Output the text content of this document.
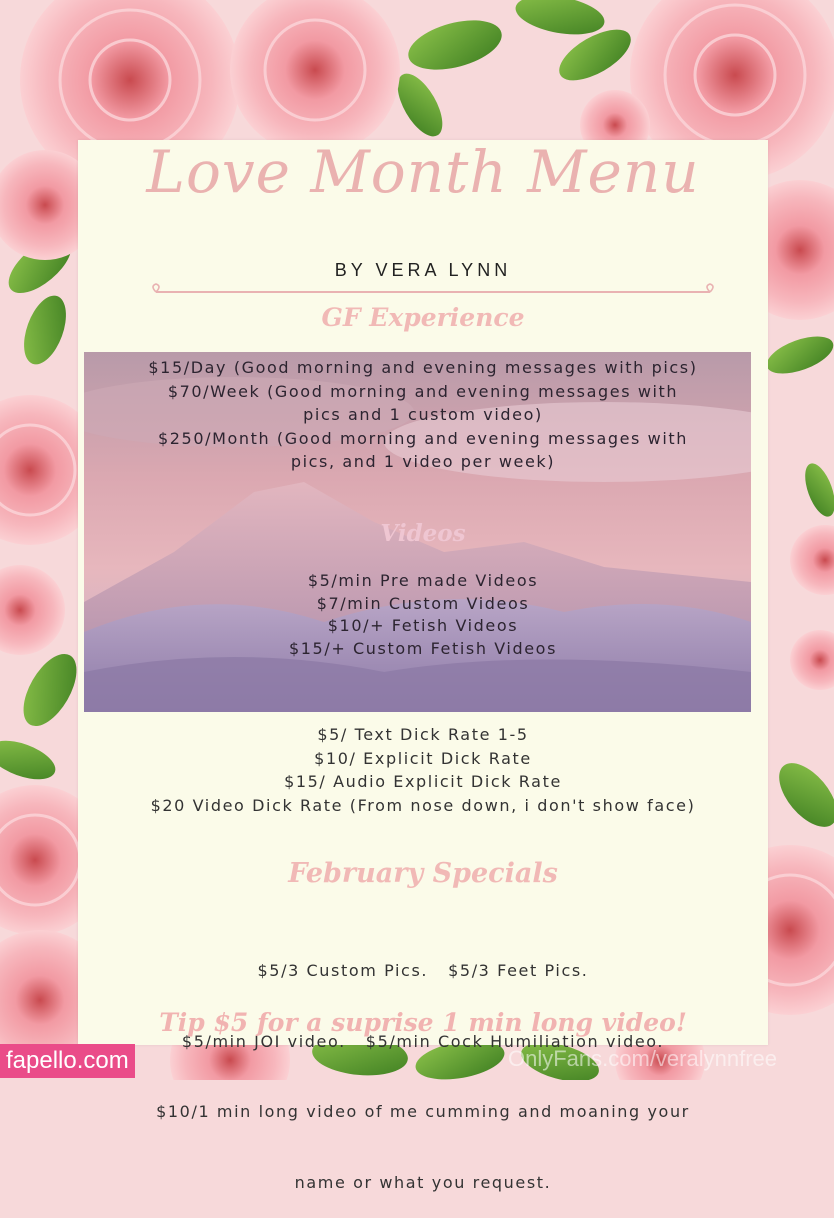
Love Month Menu
BY VERA LYNN
GF Experience
$15/Day (Good morning and evening messages with pics)
$70/Week (Good morning and evening messages with
pics and 1 custom video)
$250/Month (Good morning and evening messages with
pics, and 1 video per week)
Videos
$5/min Pre made Videos
$7/min Custom Videos
$10/+ Fetish Videos
$15/+ Custom Fetish Videos
$5/ Text Dick Rate 1-5
$10/ Explicit Dick Rate
$15/ Audio Explicit Dick Rate
$20 Video Dick Rate (From nose down, i don't show face)
February Specials

$5/3 Custom Pics.   $5/3 Feet Pics.

$5/min JOI video.   $5/min Cock Humiliation video.

$10/1 min long video of me cumming and moaning your

name or what you request.

Tip $5 for a suprise 1 min long video!
fapello.com	OnlyFans.com/veralynnfree
